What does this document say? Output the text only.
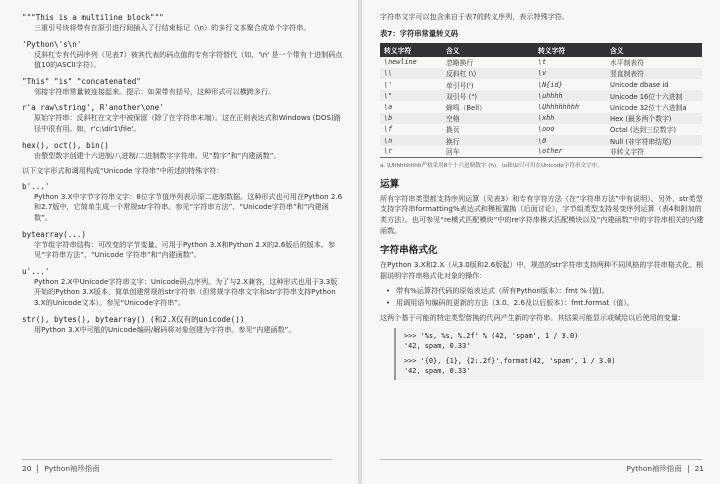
"""This is a multiline block"""
三重引号块将带有在原引进行间插入了行结束标记（\n）的多行文本聚合成单个字符串。
'Python\'s\n'
反斜杠专有代码序列（见表7）被其代表的码点值的专有字符替代（如，'\n' 是一个带有十进制码点值10的ASCII字符）。
"This" "is" "concatenated"
邻接字符串常量被连接起来。提示：如果带有括号，这种形式可以横跨多行。
r'a raw\string', R'another\one'
原始字符串：反斜杠在文字中被保留（除了在字符串末端）。这在正则表达式和Windows (DOS)路径中很有用。如，r'c:\dir1\file'。
hex(), oct(), bin()
由整型数字创建十六进制/八进制/二进制数字字符串。见“数字”和“内建函数”。
以下文字形式和调用构成“Unicode 字符串”中所述的特殊字符：
b'...'
Python 3.X中字节字符串文字：8位字节值序列表示原二进制数据。这种形式也可用在Python 2.6和2.7版中，它简单生成一个常规str字符串。参见“字符串方法”、“Unicode字符串”和“内建函数”。
bytearray(...)
字节组字符串结构：可改变的字节变量。可用于Python 3.X和Python 2.X的2.6版后的版本。参见“字符串方法”、“Unicode 字符串”和“内建函数”。
u'...'
Python 2.X中Unicode字符串文字：Unicode码点序列。为了与2.X兼容，这种形式也用于3.3版开始的Python 3.X版本，简单创建常规的str字符串（但常规字符串文字和str字符串支持Python 3.X的Unicode文本）。参见“Unicode字符串”。
str(), bytes(), bytearray() (和2.X仅有的unicode())
用Python 3.X中可能的Unicode编码/解码将对象创建为字符串。参见“内建函数”。
20 Python袖珍指南
字符串文字可以包含来自于表7的转义序列，表示特殊字符。
表7：字符串常量转义码
转义字符	含义	转义字符	含义
\newline	忽略换行	\t	水平制表符
\\	反斜杠 (\)	\v	竖直制表符
\'	单引号(')	\N{id}	Unicode dbase id
\"	双引号 (")	\uhhhh	Unicode 16位十六进制
\a	蜂鸣（Bell）	\Uhhhhhhhh	Unicode 32位十六进制a
\b	空格	\xhh	Hex (最多两个数字)
\f	换页	\ooo	Octal (达到三位数字)
\n	换行	\0	Null (非字符串结尾)
\r	回车	\other	非转义字符
a. \Uhhhhhhhh严格采用8个十六进制数字 (h)，\u和\U只可用在Unicode字符串文字中。
运算
所有字符串类型都支持序列运算（见表3）和专有字符方法（在“字符串方法”中有说明）。另外，str类型支持字符串formatting%表达式和模板置换（后面讨论），字节组类型支持易变序列运算（表4和附加的类方法）。也可参见“re模式匹配模块”中的re字符串模式匹配模块以及“内建函数”中的字符串相关的内建函数。
字符串格式化
在Python 3.X和2.X（从3.0版和2.6版起）中，规范的str字符串支持两种不同风格的字符串格式化，根据说明字符串格式化对象的操作：
• 带有%运算符代码的原始表达式（所有Python版本）：fmt % (值)。
• 用调用语句编码的更新的方法（3.0、2.6及以后版本）：fmt.format（值）。
这两个基于可能的特定类型替换的代码产生新的字符串。其结果可能显示或赋给以后使用的变量：
>>> '%s, %s, %.2f' % (42, 'spam', 1 / 3.0)
'42, spam, 0.33'
>>> '{0}, {1}, {2:.2f}'.format(42, 'spam', 1 / 3.0)
'42, spam, 0.33'
Python袖珍指南 21
